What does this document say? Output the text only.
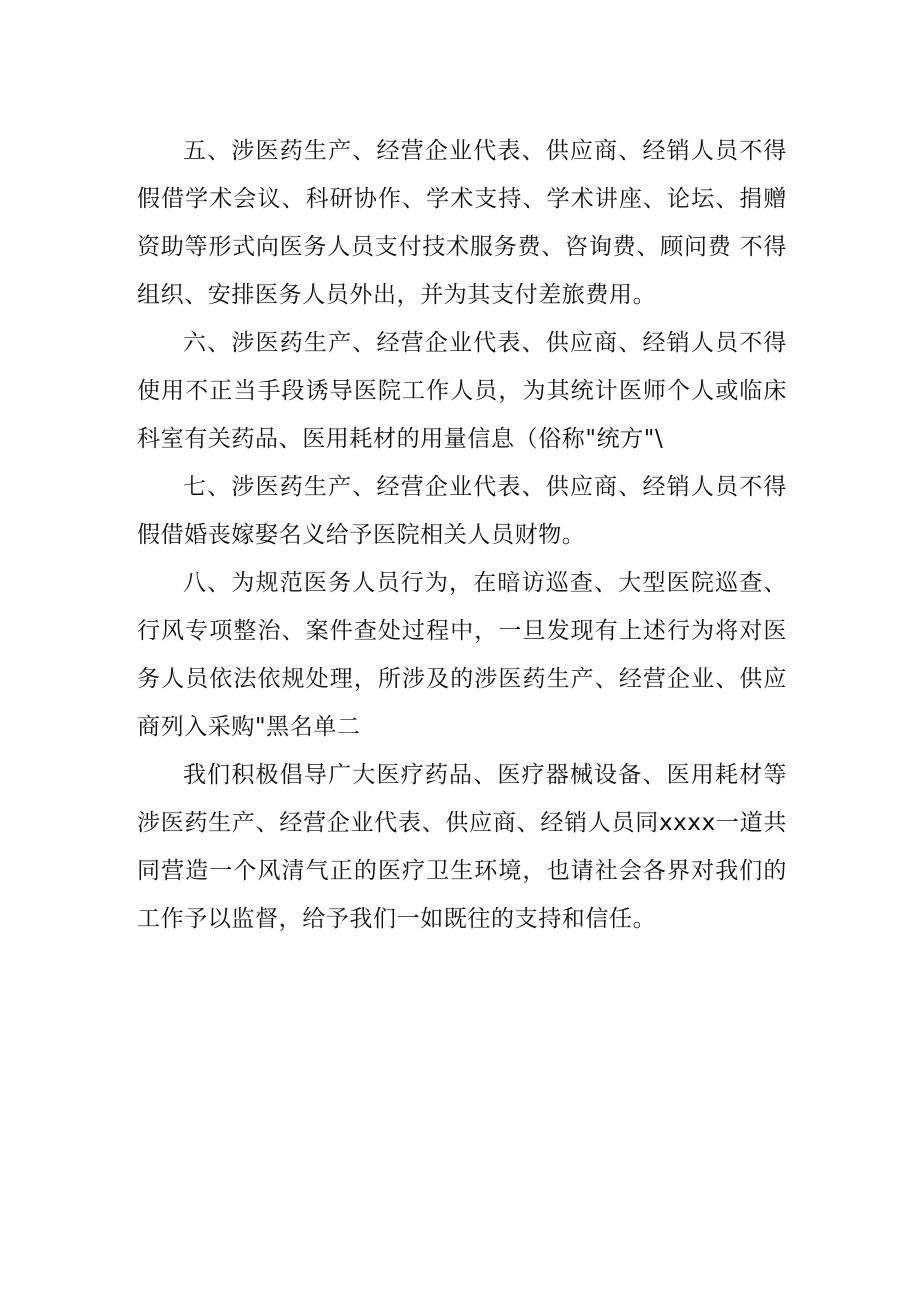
五、涉医药生产、经营企业代表、供应商、经销人员不得假借学术会议、科研协作、学术支持、学术讲座、论坛、捐赠资助等形式向医务人员支付技术服务费、咨询费、顾问费 不得组织、安排医务人员外出，并为其支付差旅费用。

六、涉医药生产、经营企业代表、供应商、经销人员不得使用不正当手段诱导医院工作人员，为其统计医师个人或临床科室有关药品、医用耗材的用量信息（俗称"统方"\

七、涉医药生产、经营企业代表、供应商、经销人员不得假借婚丧嫁娶名义给予医院相关人员财物。

八、为规范医务人员行为，在暗访巡查、大型医院巡查、行风专项整治、案件查处过程中，一旦发现有上述行为将对医务人员依法依规处理，所涉及的涉医药生产、经营企业、供应商列入采购"黑名单二

我们积极倡导广大医疗药品、医疗器械设备、医用耗材等涉医药生产、经营企业代表、供应商、经销人员同xxxx一道共同营造一个风清气正的医疗卫生环境，也请社会各界对我们的工作予以监督，给予我们一如既往的支持和信任。
